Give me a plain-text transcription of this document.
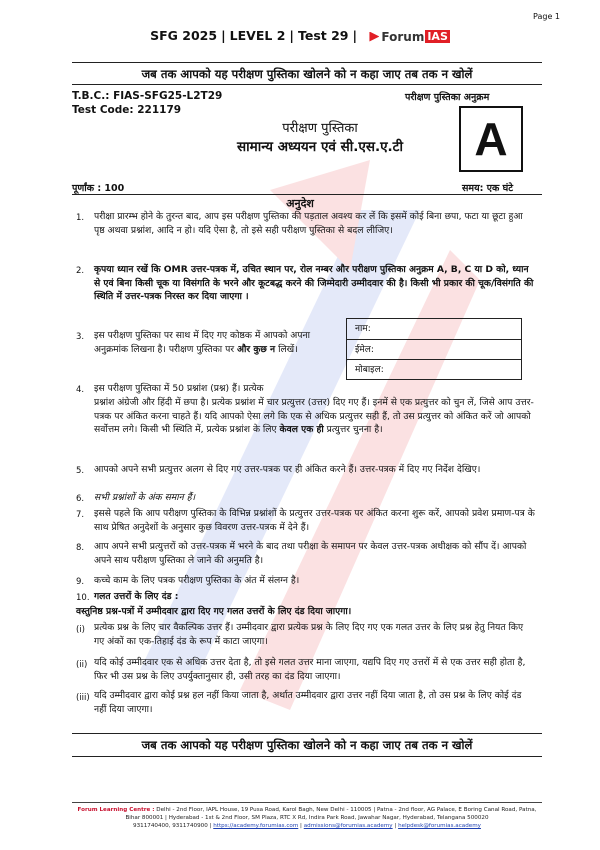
Page 1
SFG 2025 | LEVEL 2 | Test 29 | Forum IAS
जब तक आपको यह परीक्षण पुस्तिका खोलने को न कहा जाए तब तक न खोलें
T.B.C.: FIAS-SFG25-L2T29
Test Code: 221179
परीक्षण पुस्तिका अनुक्रम
परीक्षण पुस्तिका
सामान्य अध्ययन एवं सी.एस.ए.टी	A
पूर्णांक : 100	समय: एक घंटे
अनुदेश
1. परीक्षा प्रारम्भ होने के तुरन्त बाद, आप इस परीक्षण पुस्तिका की पड़ताल अवश्य कर लें कि इसमें कोई बिना छपा, फटा या छूटा हुआ पृष्ठ अथवा प्रश्नांश, आदि न हो। यदि ऐसा है, तो इसे सही परीक्षण पुस्तिका से बदल लीजिए।
2. कृपया ध्यान रखें कि OMR उत्तर-पत्रक में, उचित स्थान पर, रोल नम्बर और परीक्षण पुस्तिका अनुक्रम A, B, C या D को, ध्यान से एवं बिना किसी चूक या विसंगति के भरने और कूटबद्ध करने की जिम्मेदारी उम्मीदवार की है। किसी भी प्रकार की चूक/विसंगति की स्थिति में उत्तर-पत्रक निरस्त कर दिया जाएगा ।
3. इस परीक्षण पुस्तिका पर साथ में दिए गए कोष्ठक में आपको अपना अनुक्रमांक लिखना है। परीक्षण पुस्तिका पर और कुछ न लिखें।
नाम:
ईमेल:
मोबाइल:
4. इस परीक्षण पुस्तिका में 50 प्रश्नांश (प्रश्न) हैं। प्रत्येक
प्रश्नांश अंग्रेजी और हिंदी में छपा है। प्रत्येक प्रश्नांश में चार प्रत्युत्तर (उत्तर) दिए गए हैं। इनमें से एक प्रत्युत्तर को चुन लें, जिसे आप उत्तर-पत्रक पर अंकित करना चाहते हैं। यदि आपको ऐसा लगे कि एक से अधिक प्रत्युत्तर सही हैं, तो उस प्रत्युत्तर को अंकित करें जो आपको सर्वोत्तम लगे। किसी भी स्थिति में, प्रत्येक प्रश्नांश के लिए केवल एक ही प्रत्युत्तर चुनना है।
5. आपको अपने सभी प्रत्युत्तर अलग से दिए गए उत्तर-पत्रक पर ही अंकित करने हैं। उत्तर-पत्रक में दिए गए निर्देश देखिए।
6. सभी प्रश्नांशों के अंक समान हैं।
7. इससे पहले कि आप परीक्षण पुस्तिका के विभिन्न प्रश्नांशों के प्रत्युत्तर उत्तर-पत्रक पर अंकित करना शुरू करें, आपको प्रवेश प्रमाण-पत्र के साथ प्रेषित अनुदेशों के अनुसार कुछ विवरण उत्तर-पत्रक में देने हैं।
8. आप अपने सभी प्रत्युत्तरों को उत्तर-पत्रक में भरने के बाद तथा परीक्षा के समापन पर केवल उत्तर-पत्रक अधीक्षक को सौंप दें। आपको अपने साथ परीक्षण पुस्तिका ले जाने की अनुमति है।
9. कच्चे काम के लिए पत्रक परीक्षण पुस्तिका के अंत में संलग्न है।
10. गलत उत्तरों के लिए दंड :
वस्तुनिष्ठ प्रश्न-पत्रों में उम्मीदवार द्वारा दिए गए गलत उत्तरों के लिए दंड दिया जाएगा।
(i) प्रत्येक प्रश्न के लिए चार वैकल्पिक उत्तर हैं। उम्मीदवार द्वारा प्रत्येक प्रश्न के लिए दिए गए एक गलत उत्तर के लिए प्रश्न हेतु नियत किए गए अंकों का एक-तिहाई दंड के रूप में काटा जाएगा।
(ii) यदि कोई उम्मीदवार एक से अधिक उत्तर देता है, तो इसे गलत उत्तर माना जाएगा, यद्यपि दिए गए उत्तरों में से एक उत्तर सही होता है, फिर भी उस प्रश्न के लिए उपर्युक्तानुसार ही, उसी तरह का दंड दिया जाएगा।
(iii) यदि उम्मीदवार द्वारा कोई प्रश्न हल नहीं किया जाता है, अर्थात उम्मीदवार द्वारा उत्तर नहीं दिया जाता है, तो उस प्रश्न के लिए कोई दंड नहीं दिया जाएगा।
जब तक आपको यह परीक्षण पुस्तिका खोलने को न कहा जाए तब तक न खोलें
Forum Learning Centre : Delhi - 2nd Floor, IAPL House, 19 Pusa Road, Karol Bagh, New Delhi - 110005 | Patna - 2nd floor, AG Palace, E Boring Canal Road, Patna, Bihar 800001 | Hyderabad - 1st & 2nd Floor, SM Plaza, RTC X Rd, Indira Park Road, Jawahar Nagar, Hyderabad, Telangana 500020
9311740400, 9311740900 | https://academy.forumias.com | admissions@forumias.academy | helpdesk@forumias.academy
